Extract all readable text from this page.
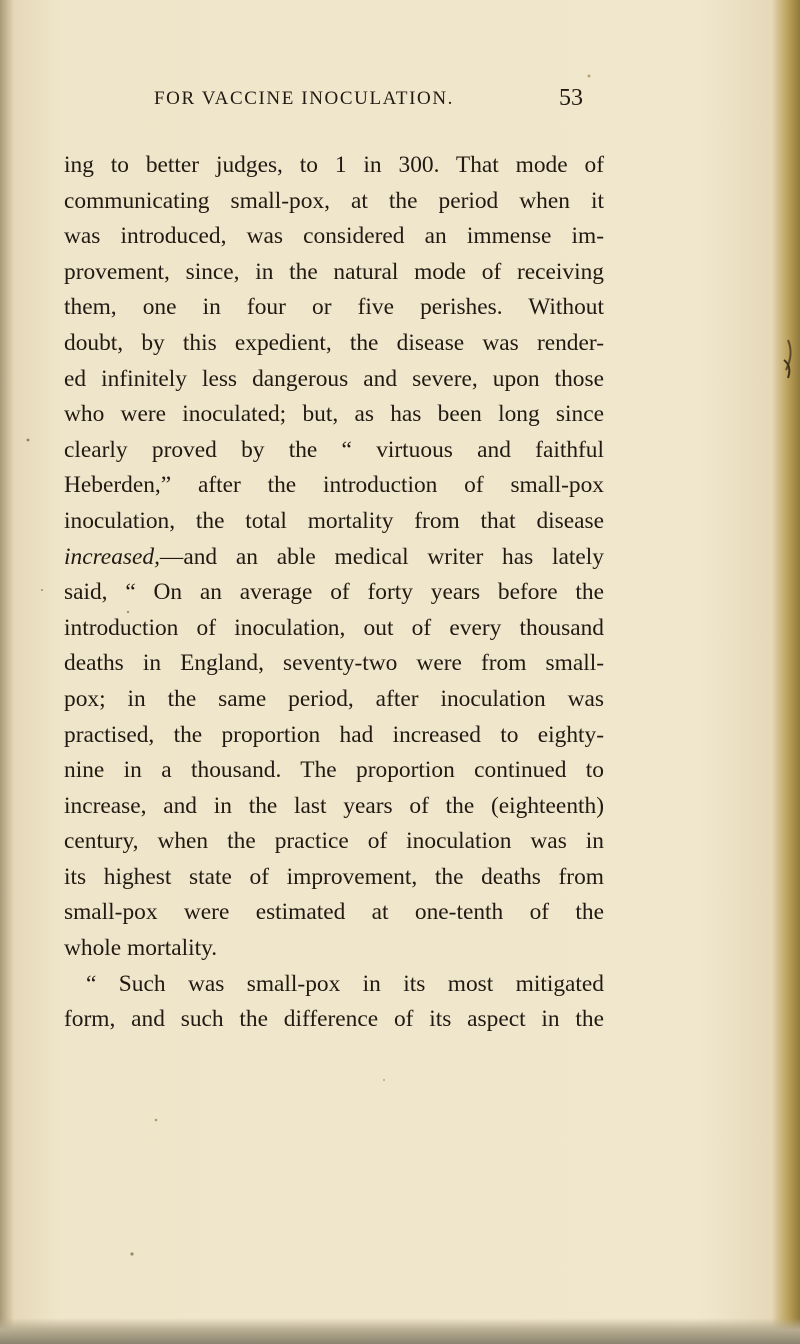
FOR VACCINE INOCULATION.	53
ing to better judges, to 1 in 300. That mode of
communicating small-pox, at the period when it
was introduced, was considered an immense im-
provement, since, in the natural mode of receiving
them, one in four or five perishes. Without
doubt, by this expedient, the disease was render-
ed infinitely less dangerous and severe, upon those
who were inoculated; but, as has been long since
clearly proved by the “ virtuous and faithful
Heberden,” after the introduction of small-pox
inoculation, the total mortality from that disease
increased,—and an able medical writer has lately
said, “ On an average of forty years before the
introduction of inoculation, out of every thousand
deaths in England, seventy-two were from small-
pox; in the same period, after inoculation was
practised, the proportion had increased to eighty-
nine in a thousand. The proportion continued to
increase, and in the last years of the (eighteenth)
century, when the practice of inoculation was in
its highest state of improvement, the deaths from
small-pox were estimated at one-tenth of the
whole mortality.
“ Such was small-pox in its most mitigated
form, and such the difference of its aspect in the
